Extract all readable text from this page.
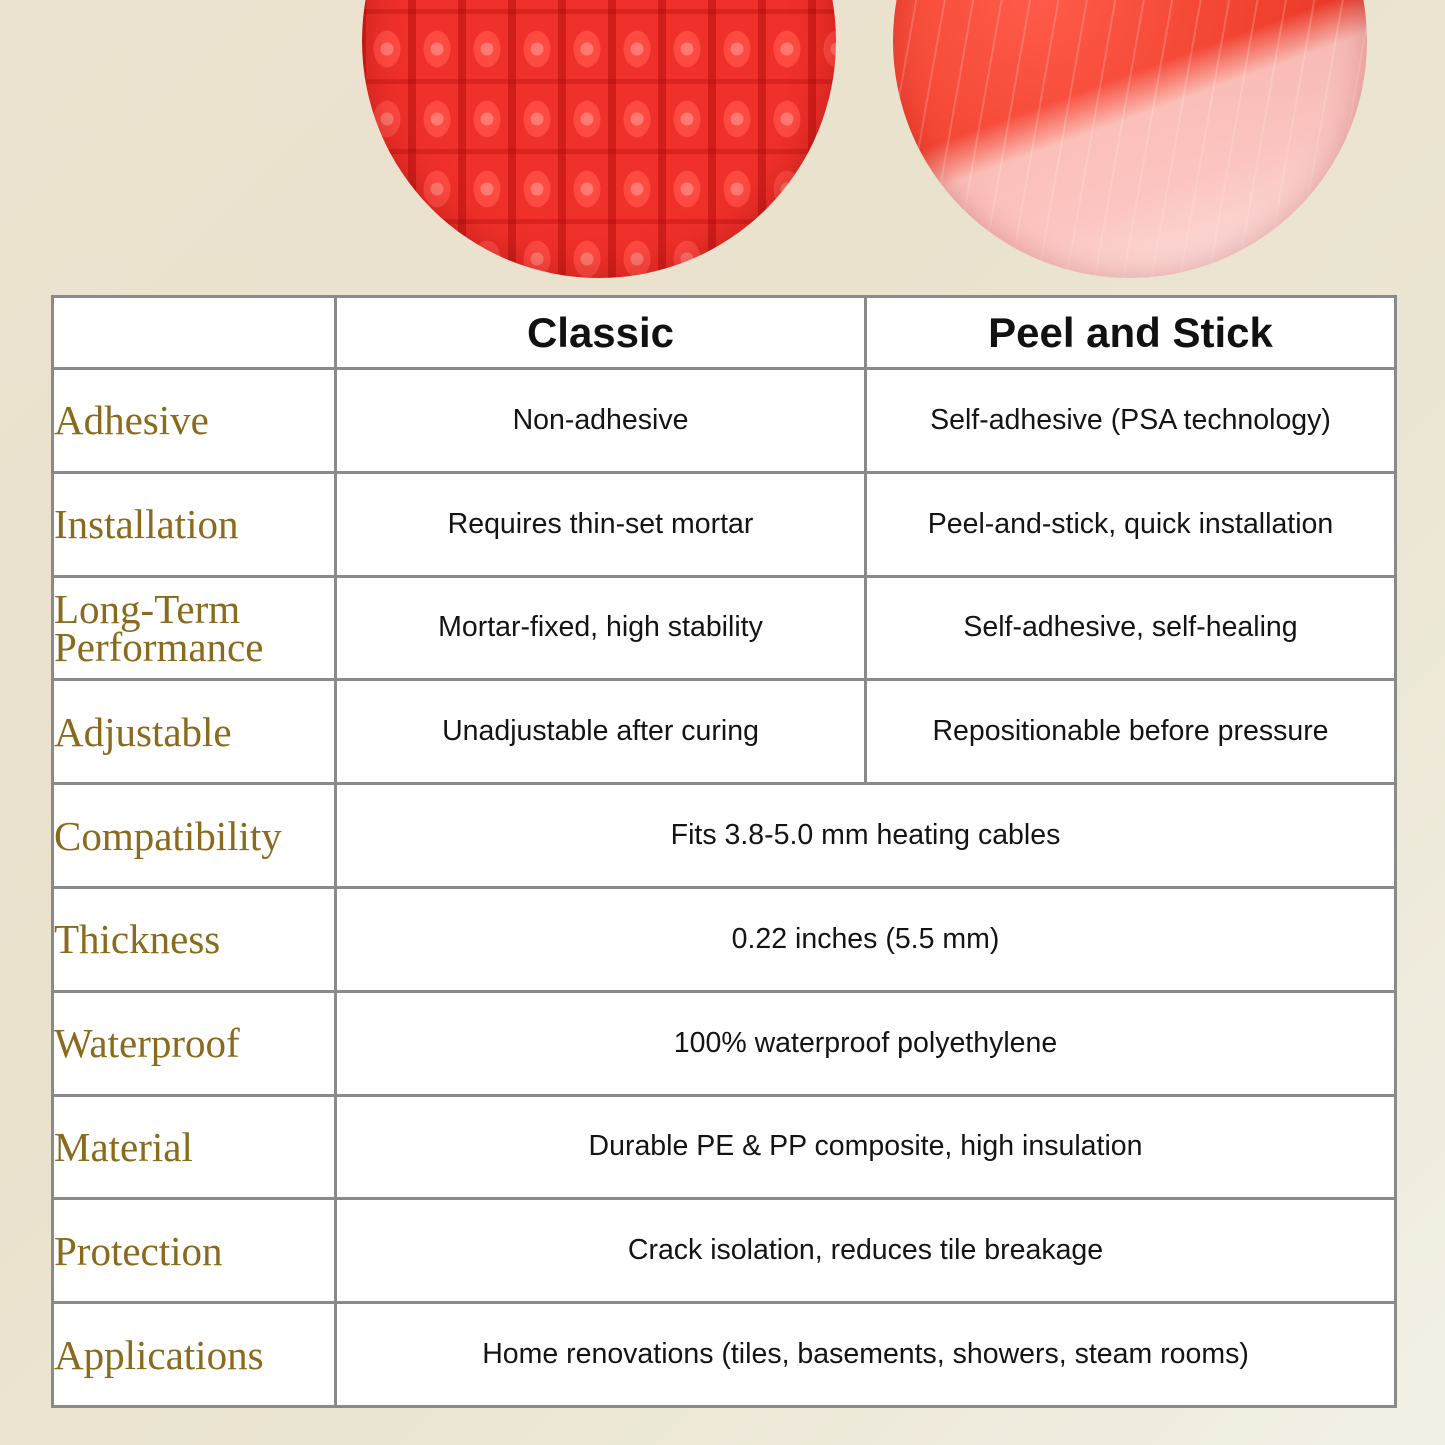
	Classic	Peel and Stick
Adhesive	Non-adhesive	Self-adhesive (PSA technology)
Installation	Requires thin-set mortar	Peel-and-stick, quick installation
Long-Term Performance	Mortar-fixed, high stability	Self-adhesive, self-healing
Adjustable	Unadjustable after curing	Repositionable before pressure
Compatibility	Fits 3.8-5.0 mm heating cables	
Thickness	0.22 inches (5.5 mm)	
Waterproof	100% waterproof polyethylene	
Material	Durable PE & PP composite, high insulation	
Protection	Crack isolation, reduces tile breakage	
Applications	Home renovations (tiles, basements, showers, steam rooms)	
